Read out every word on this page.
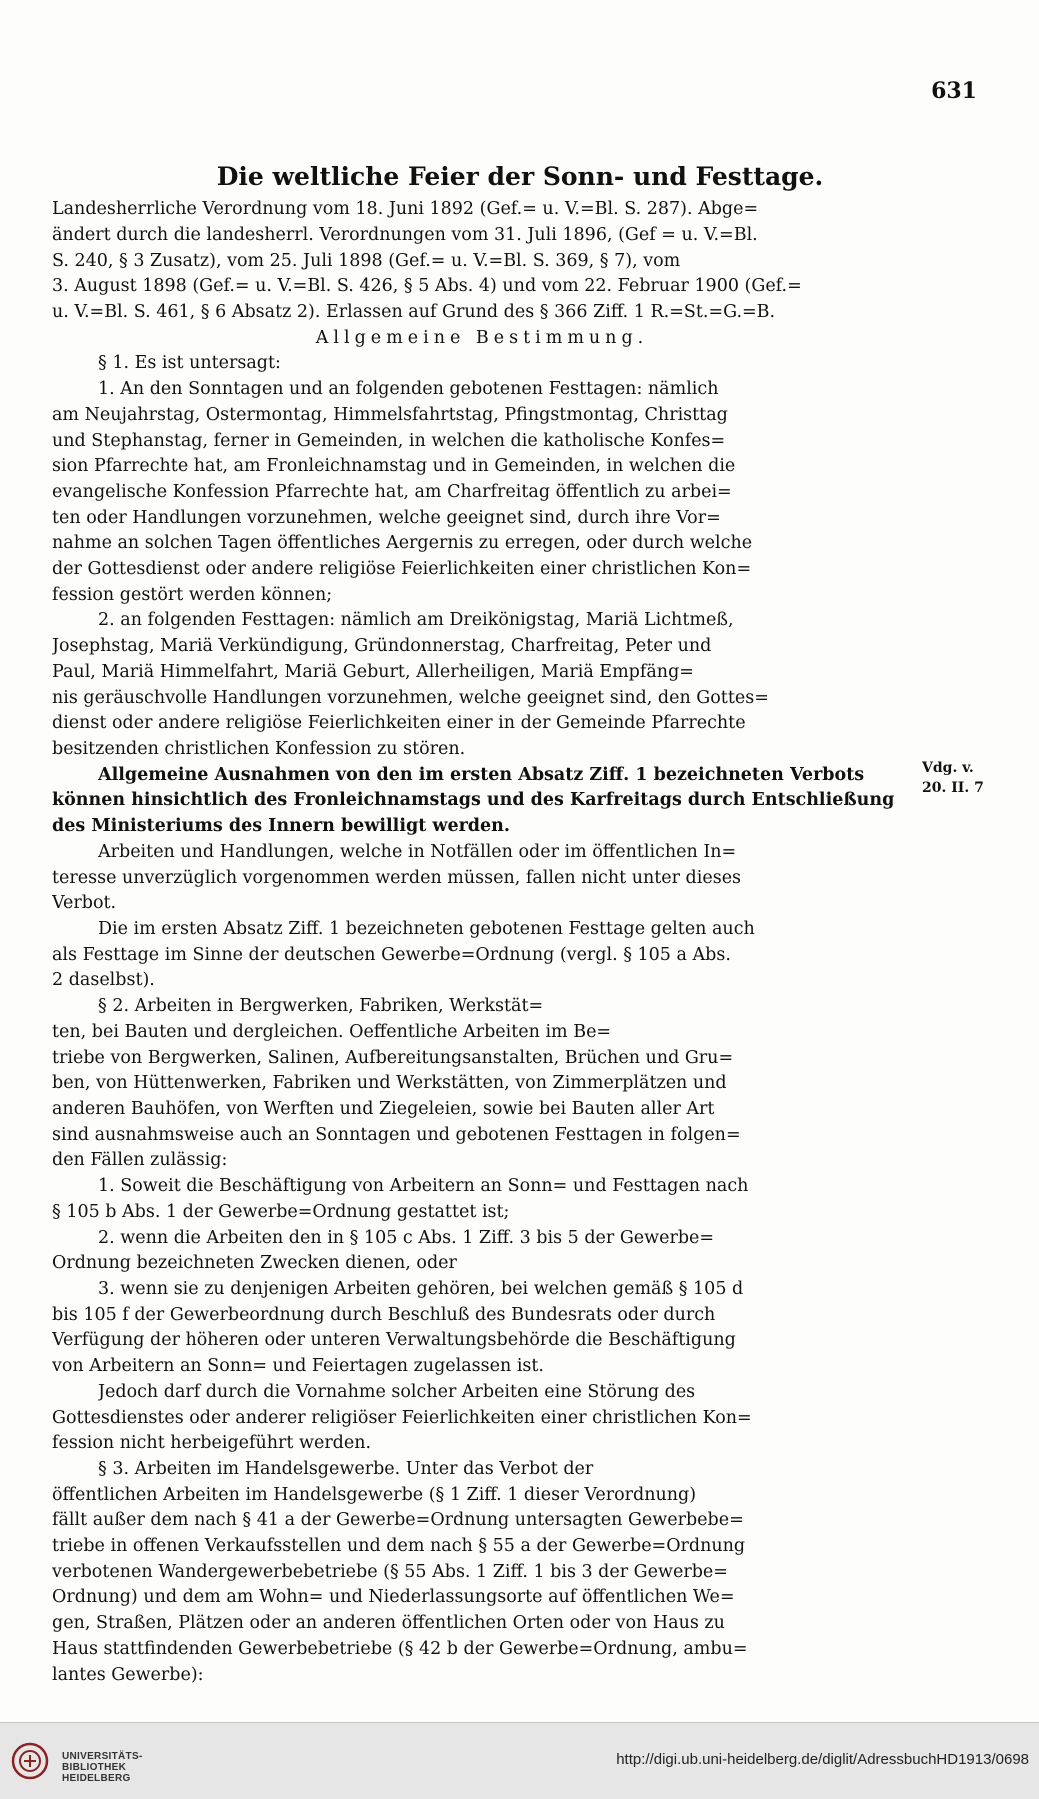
631
Die weltliche Feier der Sonn- und Festtage.
Landesherrliche Verordnung vom 18. Juni 1892 (Gef.= u. V.=Bl. S. 287). Abge=
ändert durch die landesherrl. Verordnungen vom 31. Juli 1896, (Gef = u. V.=Bl.
S. 240, § 3 Zusatz), vom 25. Juli 1898 (Gef.= u. V.=Bl. S. 369, § 7), vom
3. August 1898 (Gef.= u. V.=Bl. S. 426, § 5 Abs. 4) und vom 22. Februar 1900 (Gef.=
u. V.=Bl. S. 461, § 6 Absatz 2). Erlassen auf Grund des § 366 Ziff. 1 R.=St.=G.=B.
Allgemeine Bestimmung.
§ 1. Es ist untersagt:
1. An den Sonntagen und an folgenden gebotenen Festtagen: nämlich
am Neujahrstag, Ostermontag, Himmelsfahrtstag, Pfingstmontag, Christtag
und Stephanstag, ferner in Gemeinden, in welchen die katholische Konfes=
sion Pfarrechte hat, am Fronleichnamstag und in Gemeinden, in welchen die
evangelische Konfession Pfarrechte hat, am Charfreitag öffentlich zu arbei=
ten oder Handlungen vorzunehmen, welche geeignet sind, durch ihre Vor=
nahme an solchen Tagen öffentliches Aergernis zu erregen, oder durch welche
der Gottesdienst oder andere religiöse Feierlichkeiten einer christlichen Kon=
fession gestört werden können;
2. an folgenden Festtagen: nämlich am Dreikönigstag, Mariä Lichtmeß,
Josephstag, Mariä Verkündigung, Gründonnerstag, Charfreitag, Peter und
Paul, Mariä Himmelfahrt, Mariä Geburt, Allerheiligen, Mariä Empfäng=
nis geräuschvolle Handlungen vorzunehmen, welche geeignet sind, den Gottes=
dienst oder andere religiöse Feierlichkeiten einer in der Gemeinde Pfarrechte
besitzenden christlichen Konfession zu stören.
Allgemeine Ausnahmen von den im ersten Absatz Ziff. 1 bezeichneten Verbots
können hinsichtlich des Fronleichnamstags und des Karfreitags durch Entschließung
des Ministeriums des Innern bewilligt werden.
Arbeiten und Handlungen, welche in Notfällen oder im öffentlichen In=
teresse unverzüglich vorgenommen werden müssen, fallen nicht unter dieses
Verbot.
Die im ersten Absatz Ziff. 1 bezeichneten gebotenen Festtage gelten auch
als Festtage im Sinne der deutschen Gewerbe=Ordnung (vergl. § 105 a Abs.
2 daselbst).
§ 2. Arbeiten in Bergwerken, Fabriken, Werkstät=
ten, bei Bauten und dergleichen. Oeffentliche Arbeiten im Be=
triebe von Bergwerken, Salinen, Aufbereitungsanstalten, Brüchen und Gru=
ben, von Hüttenwerken, Fabriken und Werkstätten, von Zimmerplätzen und
anderen Bauhöfen, von Werften und Ziegeleien, sowie bei Bauten aller Art
sind ausnahmsweise auch an Sonntagen und gebotenen Festtagen in folgen=
den Fällen zulässig:
1. Soweit die Beschäftigung von Arbeitern an Sonn= und Festtagen nach
§ 105 b Abs. 1 der Gewerbe=Ordnung gestattet ist;
2. wenn die Arbeiten den in § 105 c Abs. 1 Ziff. 3 bis 5 der Gewerbe=
Ordnung bezeichneten Zwecken dienen, oder
3. wenn sie zu denjenigen Arbeiten gehören, bei welchen gemäß § 105 d
bis 105 f der Gewerbeordnung durch Beschluß des Bundesrats oder durch
Verfügung der höheren oder unteren Verwaltungsbehörde die Beschäftigung
von Arbeitern an Sonn= und Feiertagen zugelassen ist.
Jedoch darf durch die Vornahme solcher Arbeiten eine Störung des
Gottesdienstes oder anderer religiöser Feierlichkeiten einer christlichen Kon=
fession nicht herbeigeführt werden.
§ 3. Arbeiten im Handelsgewerbe. Unter das Verbot der
öffentlichen Arbeiten im Handelsgewerbe (§ 1 Ziff. 1 dieser Verordnung)
fällt außer dem nach § 41 a der Gewerbe=Ordnung untersagten Gewerbebe=
triebe in offenen Verkaufsstellen und dem nach § 55 a der Gewerbe=Ordnung
verbotenen Wandergewerbebetriebe (§ 55 Abs. 1 Ziff. 1 bis 3 der Gewerbe=
Ordnung) und dem am Wohn= und Niederlassungsorte auf öffentlichen We=
gen, Straßen, Plätzen oder an anderen öffentlichen Orten oder von Haus zu
Haus stattfindenden Gewerbebetriebe (§ 42 b der Gewerbe=Ordnung, ambu=
lantes Gewerbe):
Vdg. v.
20. II. 7
UNIVERSITÄTS-
BIBLIOTHEK
HEIDELBERG
http://digi.ub.uni-heidelberg.de/diglit/AdressbuchHD1913/0698
